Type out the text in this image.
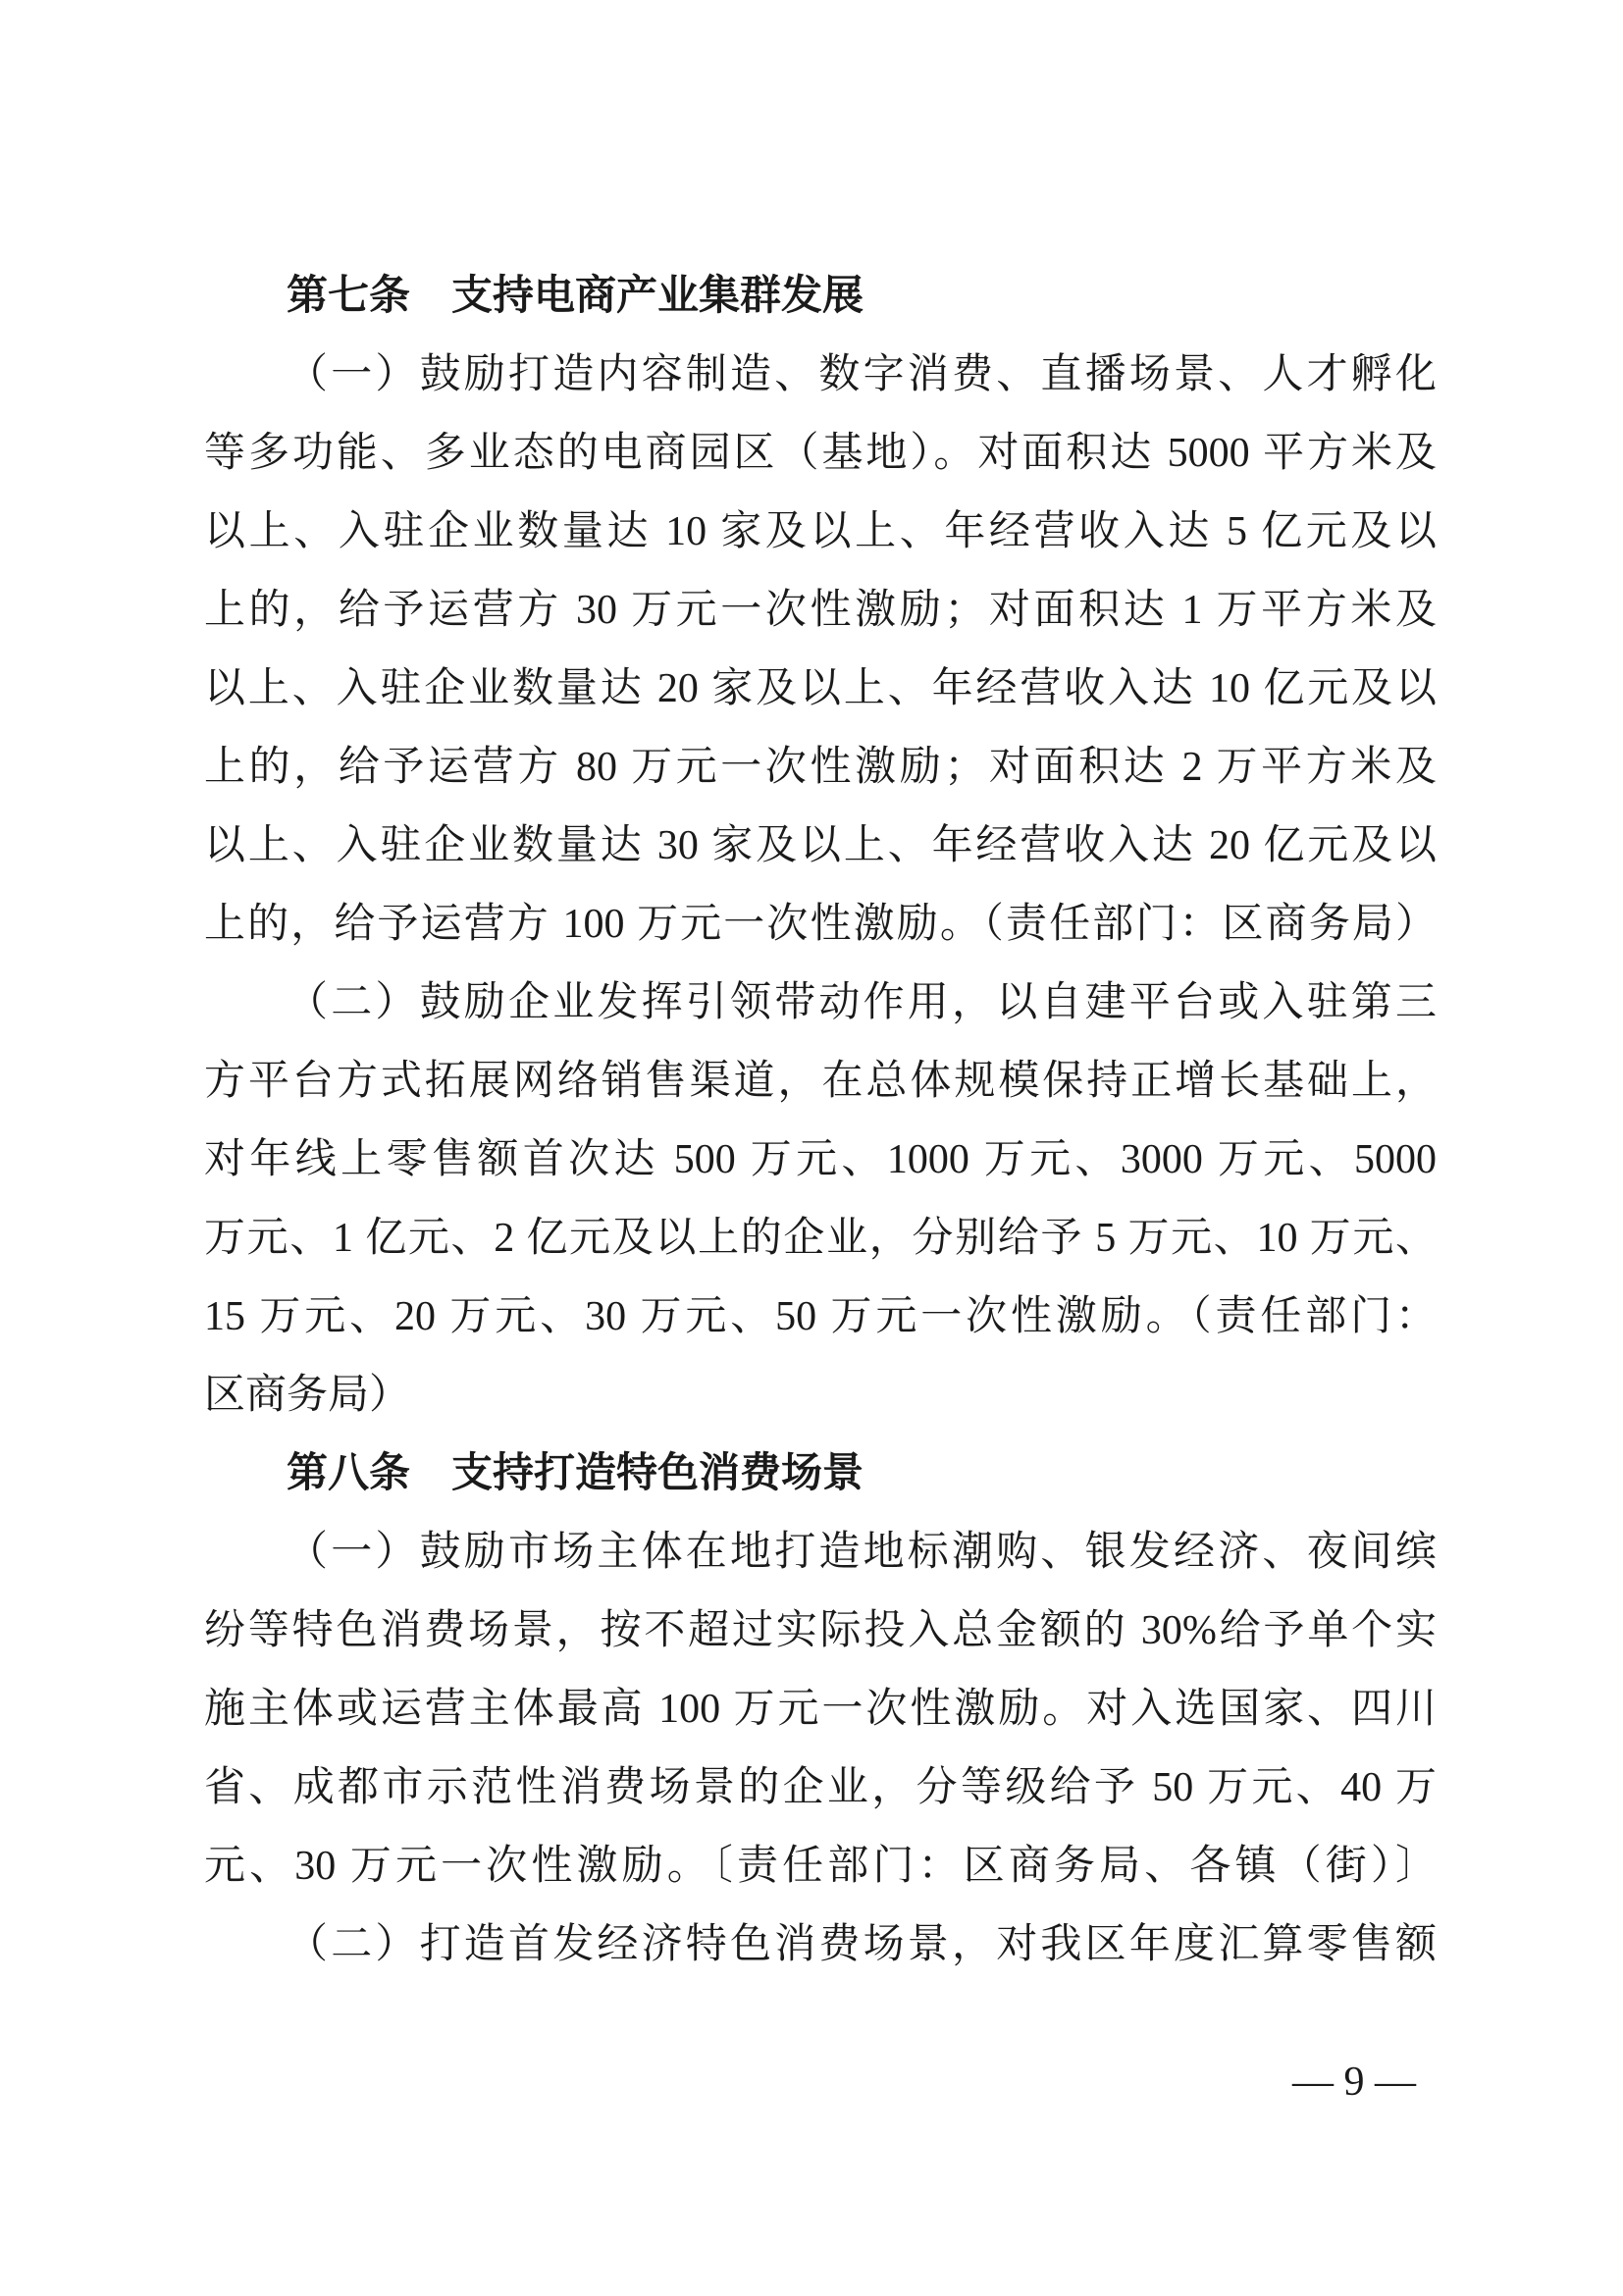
第七条　支持电商产业集群发展
（一）鼓励打造内容制造、数字消费、直播场景、人才孵化
等多功能、多业态的电商园区（基地）。对面积达 5000 平方米及
以上、入驻企业数量达 10 家及以上、年经营收入达 5 亿元及以
上的，给予运营方 30 万元一次性激励；对面积达 1 万平方米及
以上、入驻企业数量达 20 家及以上、年经营收入达 10 亿元及以
上的，给予运营方 80 万元一次性激励；对面积达 2 万平方米及
以上、入驻企业数量达 30 家及以上、年经营收入达 20 亿元及以
上的，给予运营方 100 万元一次性激励。（责任部门：区商务局）
（二）鼓励企业发挥引领带动作用，以自建平台或入驻第三
方平台方式拓展网络销售渠道，在总体规模保持正增长基础上，
对年线上零售额首次达 500 万元、1000 万元、3000 万元、5000
万元、1 亿元、2 亿元及以上的企业，分别给予 5 万元、10 万元、
15 万元、20 万元、30 万元、50 万元一次性激励。（责任部门：
区商务局）
第八条　支持打造特色消费场景
（一）鼓励市场主体在地打造地标潮购、银发经济、夜间缤
纷等特色消费场景，按不超过实际投入总金额的 30%给予单个实
施主体或运营主体最高 100 万元一次性激励。对入选国家、四川
省、成都市示范性消费场景的企业，分等级给予 50 万元、40 万
元、30 万元一次性激励。〔责任部门：区商务局、各镇（街）〕
（二）打造首发经济特色消费场景，对我区年度汇算零售额
— 9 —
